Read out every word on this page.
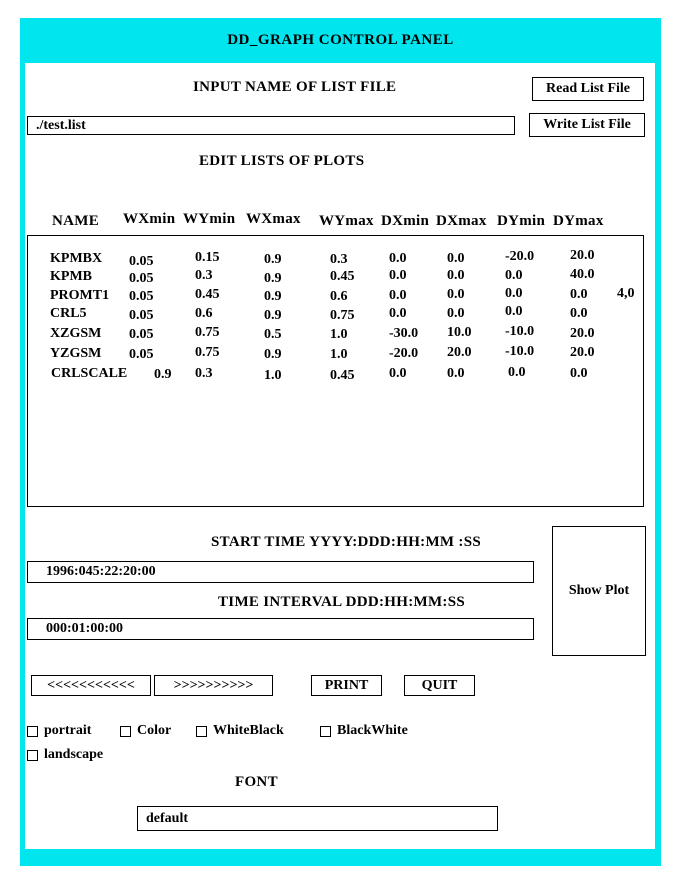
DD_GRAPH CONTROL PANEL
INPUT NAME OF LIST FILE	Read List File
./test.list	Write List File
EDIT LISTS OF PLOTS
NAME WXmin WYmin WXmax WYmax DXmin DXmax DYmin DYmax
KPMBX 0.05	0.15	0.9	0.3	0.0	0.0	-20.0	20.0
KPMB	0.05	0.3	0.9	0.45 0.0	0.0	0.0	40.0
PROMT1 0.05	0.45	0.9	0.6	0.0	0.0	0.0	0.0 4,0
CRL5	0.05	0.6	0.9	0.75 0.0	0.0	0.0	0.0
XZGSM 0.05	0.75	0.5	1.0	-30.0 10.0 -10.0	20.0
YZGSM 0.05	0.75	0.9	1.0	-20.0 20.0 -10.0	20.0
CRLSCALE 0.9 0.3	1.0	0.45 0.0	0.0	0.0	0.0
START TIME YYYY:DDD:HH:MM :SS
1996:045:22:20:00
TIME INTERVAL DDD:HH:MM:SS
000:01:00:00
Show Plot
<<<<<<<<<<<	>>>>>>>>>>	PRINT	QUIT
portrait	Color	WhiteBlack	BlackWhite
landscape
FONT
default
